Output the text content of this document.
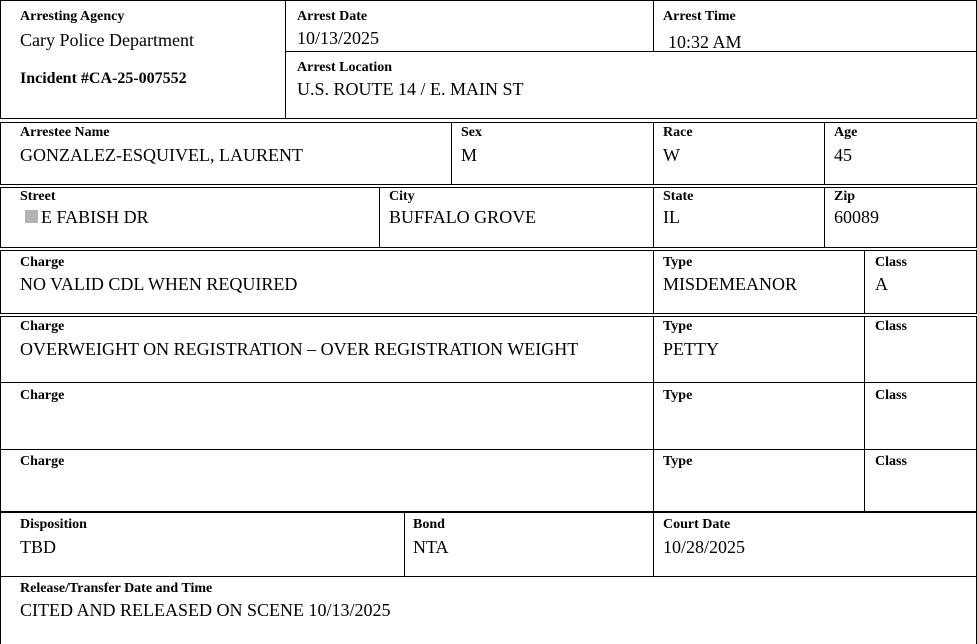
Arresting Agency
Cary Police Department
Incident #CA-25-007552
Arrest Date
10/13/2025
Arrest Time
10:32 AM
Arrest Location
U.S. ROUTE 14 / E. MAIN ST
Arrestee Name
GONZALEZ-ESQUIVEL, LAURENT
Sex
M
Race
W
Age
45
Street
E FABISH DR
City
BUFFALO GROVE
State
IL
Zip
60089
Charge
NO VALID CDL WHEN REQUIRED
Type
MISDEMEANOR
Class
A
Charge
OVERWEIGHT ON REGISTRATION – OVER REGISTRATION WEIGHT
Type
PETTY
Class
Charge	Type	Class
Charge	Type	Class
Disposition
TBD
Bond
NTA
Court Date
10/28/2025
Release/Transfer Date and Time
CITED AND RELEASED ON SCENE 10/13/2025
